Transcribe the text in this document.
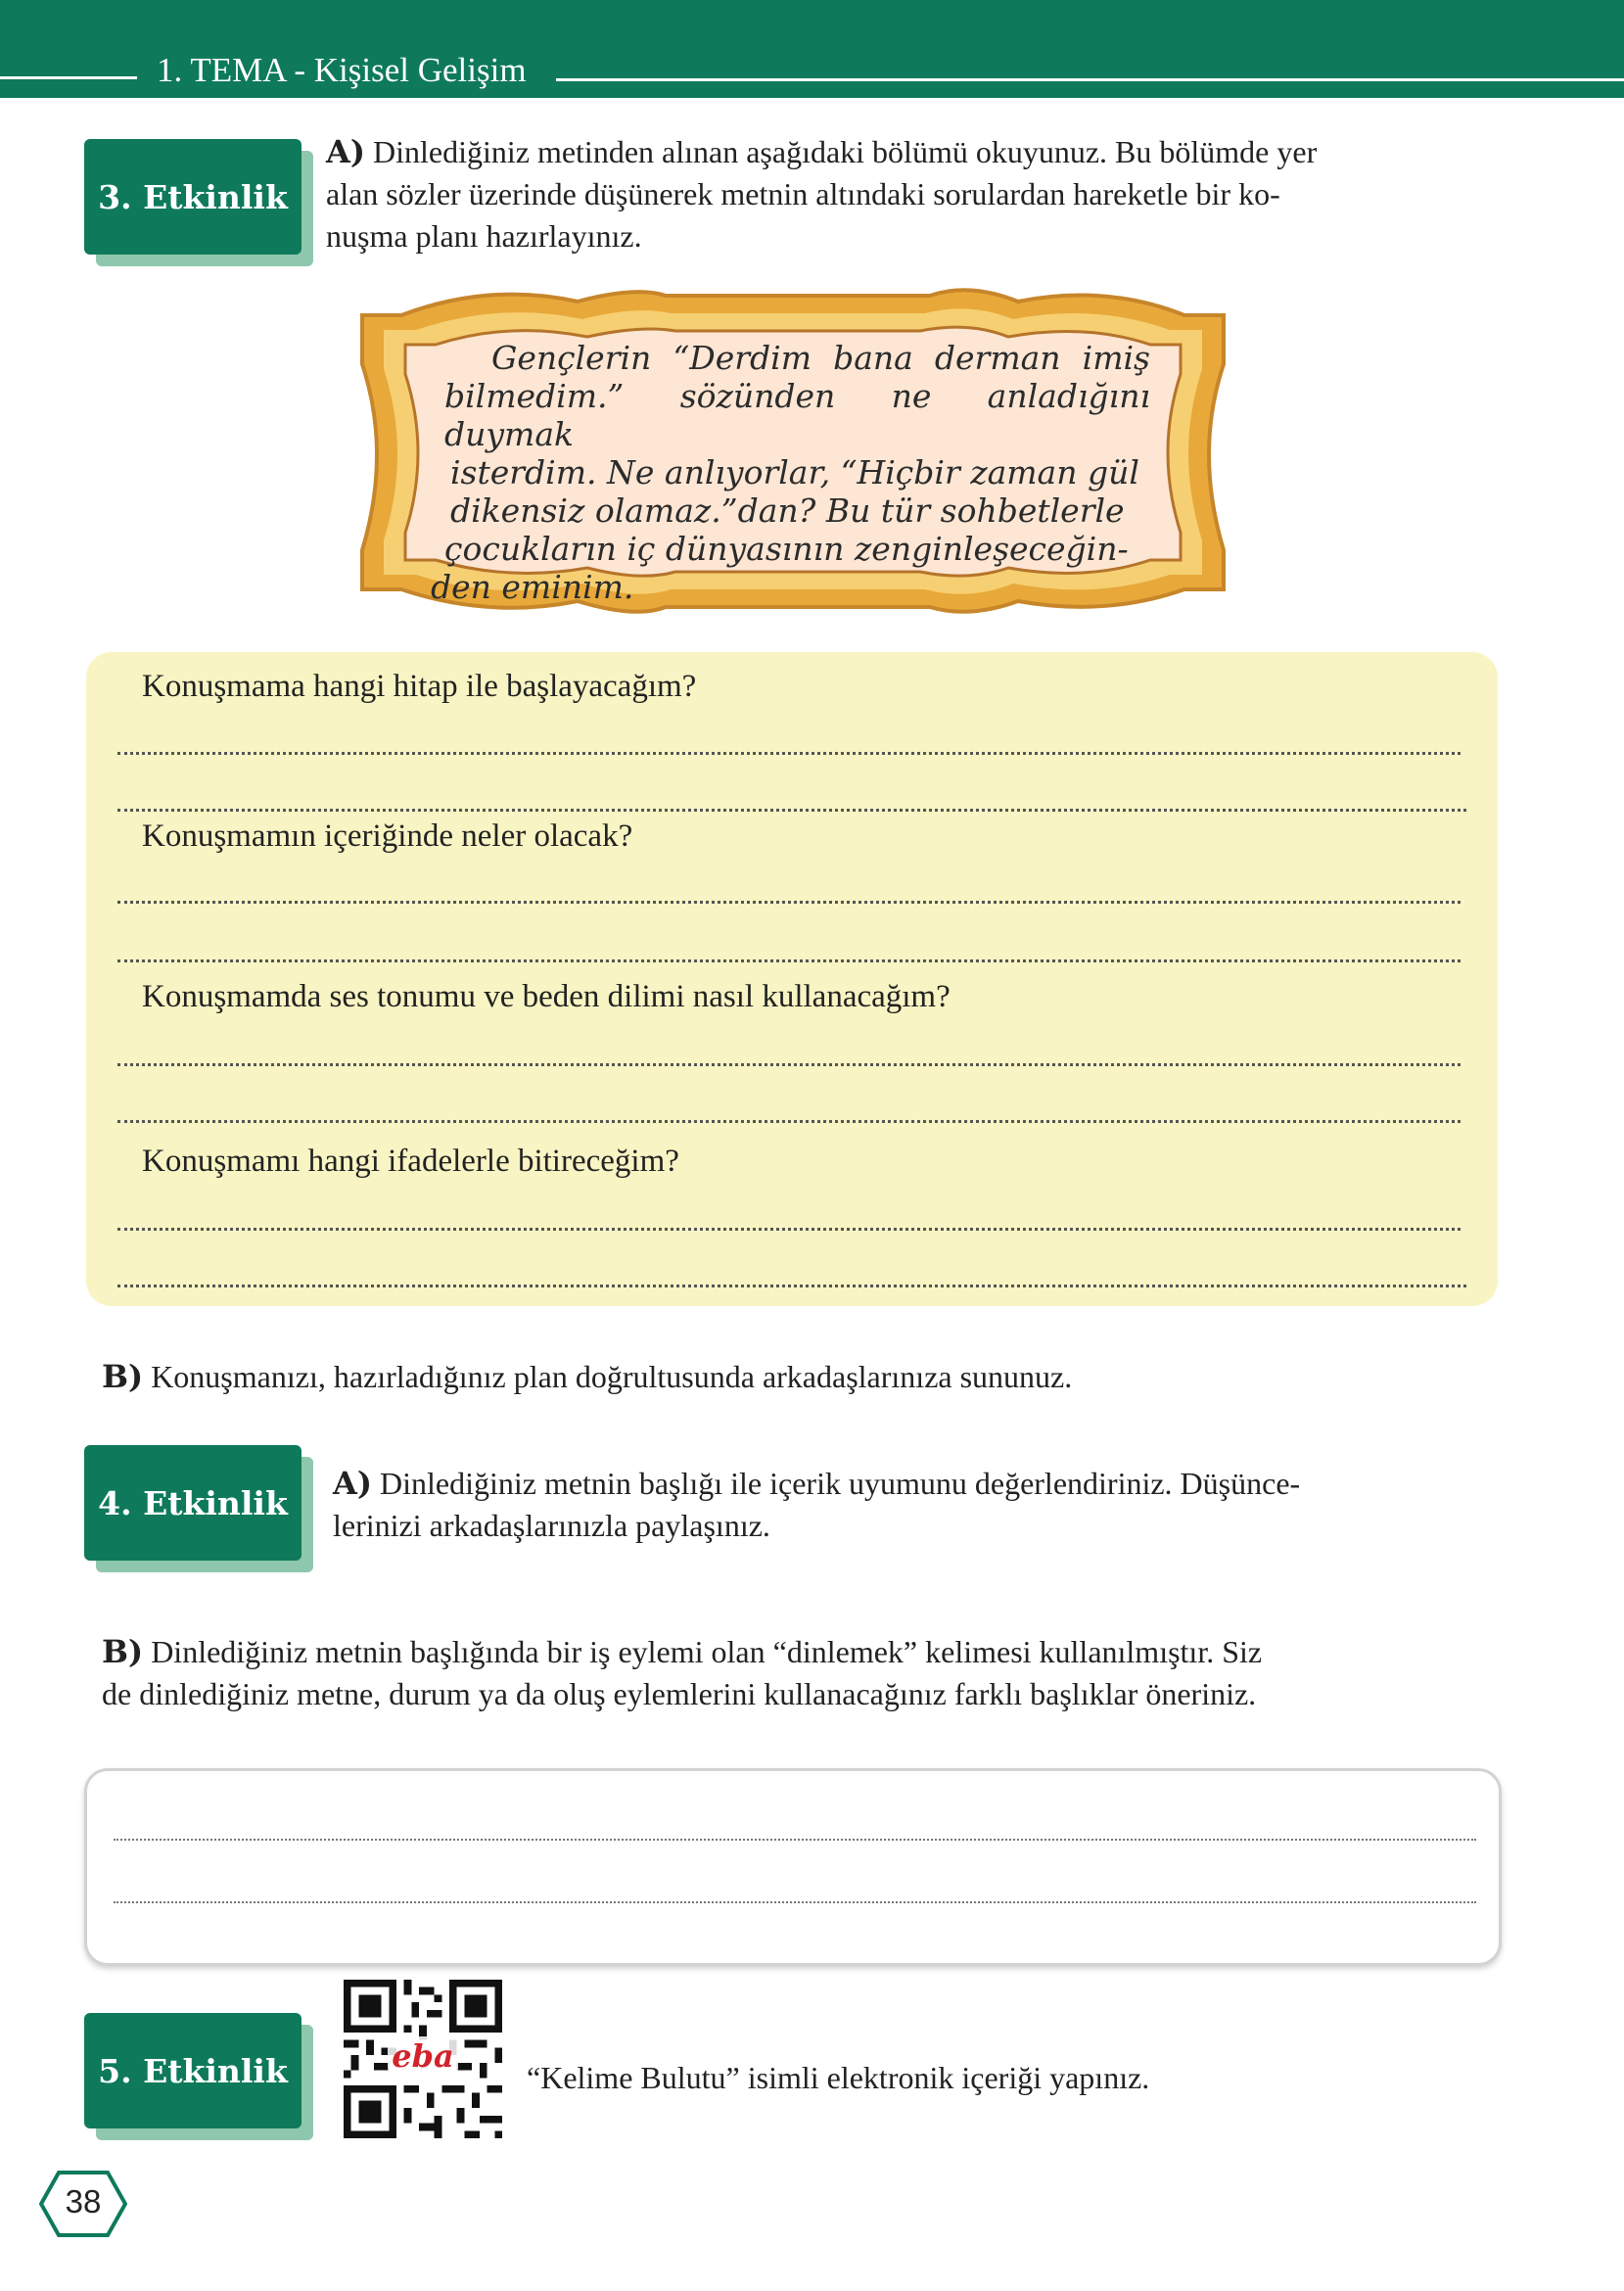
1. TEMA - Kişisel Gelişim
3. Etkinlik
A) Dinlediğiniz metinden alınan aşağıdaki bölümü okuyunuz. Bu bölümde yer
alan sözler üzerinde düşünerek metnin altındaki sorulardan hareketle bir ko-
nuşma planı hazırlayınız.
Gençlerin “Derdim bana derman imiş
bilmedim.” sözünden ne anladığını duymak
isterdim. Ne anlıyorlar, “Hiçbir zaman gül
dikensiz olamaz.”dan? Bu tür sohbetlerle
çocukların iç dünyasının zenginleşeceğin-
den eminim.
Konuşmama hangi hitap ile başlayacağım?
Konuşmamın içeriğinde neler olacak?
Konuşmamda ses tonumu ve beden dilimi nasıl kullanacağım?
Konuşmamı hangi ifadelerle bitireceğim?
B) Konuşmanızı, hazırladığınız plan doğrultusunda arkadaşlarınıza sununuz.
4. Etkinlik
A) Dinlediğiniz metnin başlığı ile içerik uyumunu değerlendiriniz. Düşünce-
lerinizi arkadaşlarınızla paylaşınız.
B) Dinlediğiniz metnin başlığında bir iş eylemi olan “dinlemek” kelimesi kullanılmıştır. Siz
de dinlediğiniz metne, durum ya da oluş eylemlerini kullanacağınız farklı başlıklar öneriniz.
5. Etkinlik	eba
“Kelime Bulutu” isimli elektronik içeriği yapınız.
38
